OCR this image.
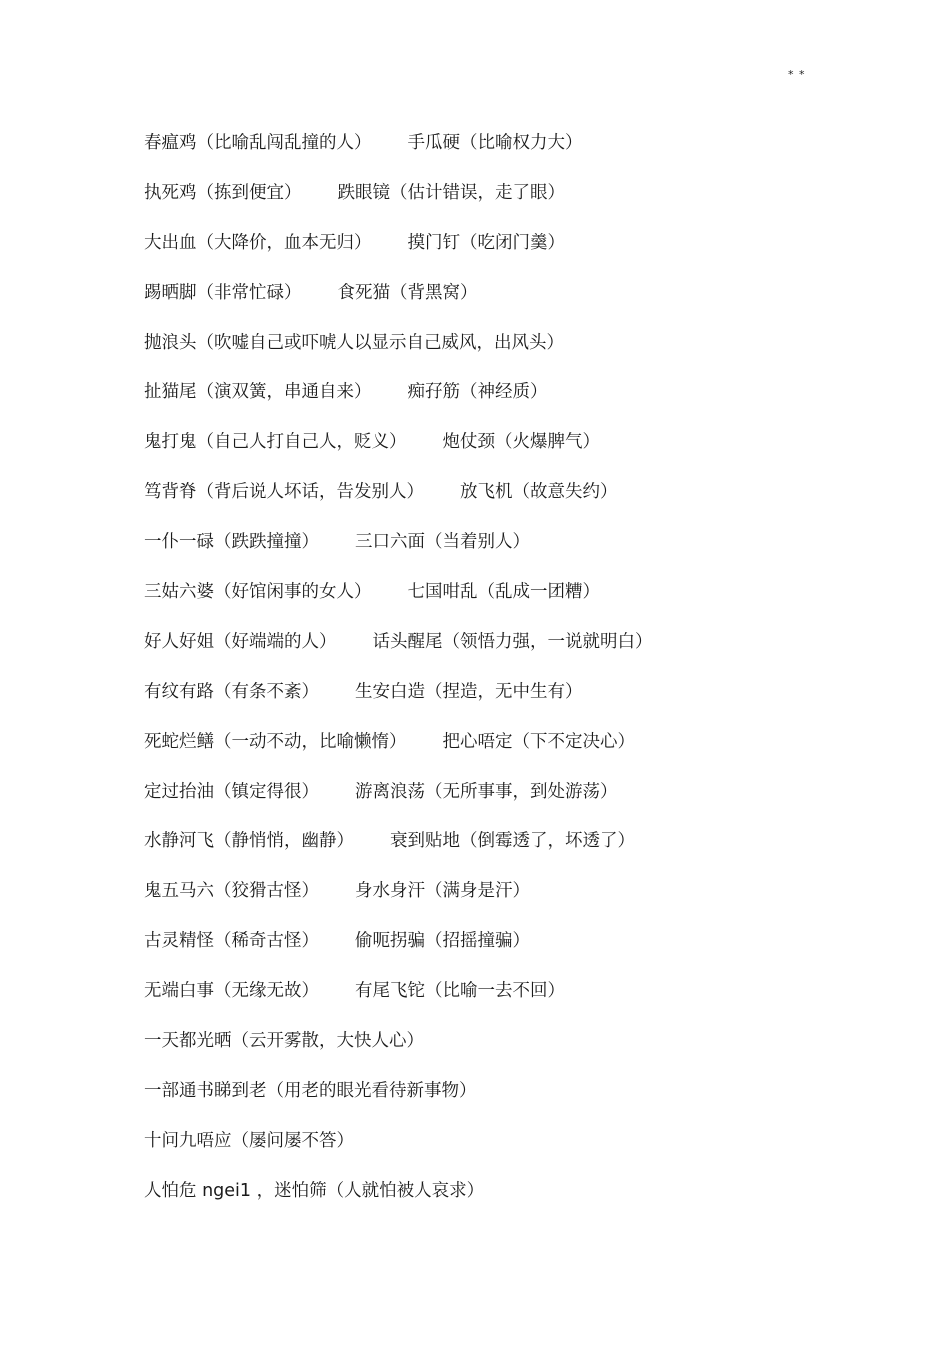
* *
春瘟鸡（比喻乱闯乱撞的人） 手瓜硬（比喻权力大）
执死鸡（拣到便宜） 跌眼镜（估计错误，走了眼）
大出血（大降价，血本无归） 摸门钉（吃闭门羹）
踢晒脚（非常忙碌） 食死猫（背黑窝）
抛浪头（吹嘘自己或吓唬人以显示自己威风，出风头）
扯猫尾（演双簧，串通自来） 痴孖筋（神经质）
鬼打鬼（自己人打自己人，贬义） 炮仗颈（火爆脾气）
笃背脊（背后说人坏话，告发别人） 放飞机（故意失约）
一仆一碌（跌跌撞撞） 三口六面（当着别人）
三姑六婆（好馆闲事的女人） 七国咁乱（乱成一团糟）
好人好姐（好端端的人） 话头醒尾（领悟力强，一说就明白）
有纹有路（有条不紊） 生安白造（捏造，无中生有）
死蛇烂鳝（一动不动，比喻懒惰） 把心唔定（下不定决心）
定过抬油（镇定得很） 游离浪荡（无所事事，到处游荡）
水静河飞（静悄悄，幽静） 衰到贴地（倒霉透了，坏透了）
鬼五马六（狡猾古怪） 身水身汗（满身是汗）
古灵精怪（稀奇古怪） 偷呃拐骗（招摇撞骗）
无端白事（无缘无故） 有尾飞铊（比喻一去不回）
一天都光晒（云开雾散，大快人心）
一部通书睇到老（用老的眼光看待新事物）
十问九唔应（屡问屡不答）
人怕危 ngei1 ，迷怕筛（人就怕被人哀求）
